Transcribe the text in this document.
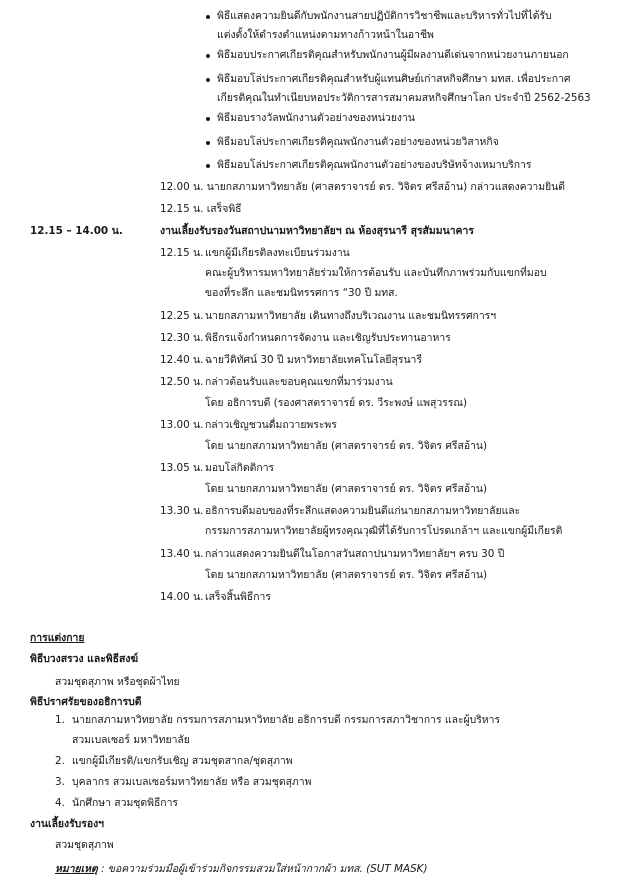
พิธีแสดงความยินดีกับพนักงานสายปฏิบัติการวิชาชีพและบริหารทั่วไปที่ได้รับ
แต่งตั้งให้ดำรงตำแหน่งตามทางก้าวหน้าในอาชีพ
พิธีมอบประกาศเกียรติคุณสำหรับพนักงานผู้มีผลงานดีเด่นจากหน่วยงานภายนอก
พิธีมอบโล่ประกาศเกียรติคุณสำหรับผู้แทนศิษย์เก่าสหกิจศึกษา มทส. เพื่อประกาศ
เกียรติคุณในทำเนียบหอประวัติการสารสมาคมสหกิจศึกษาโลก ประจำปี 2562-2563
พิธีมอบรางวัลพนักงานตัวอย่างของหน่วยงาน
พิธีมอบโล่ประกาศเกียรติคุณพนักงานตัวอย่างของหน่วยวิสาหกิจ
พิธีมอบโล่ประกาศเกียรติคุณพนักงานตัวอย่างของบริษัทจ้างเหมาบริการ
12.00 น. นายกสภามหาวิทยาลัย (ศาสตราจารย์ ดร. วิจิตร ศรีสอ้าน) กล่าวแสดงความยินดี
12.15 น. เสร็จพิธี
12.15 – 14.00 น.	งานเลี้ยงรับรองวันสถาปนามหาวิทยาลัยฯ ณ ห้องสุรนารี สุรสัมมนาคาร
12.15 น. แขกผู้มีเกียรติลงทะเบียนร่วมงาน
คณะผู้บริหารมหาวิทยาลัยร่วมให้การต้อนรับ และบันทึกภาพร่วมกับแขกที่มอบ
ของที่ระลึก และชมนิทรรศการ “30 ปี มทส.
12.25 น. นายกสภามหาวิทยาลัย เดินทางถึงบริเวณงาน และชมนิทรรศการฯ
12.30 น. พิธีกรแจ้งกำหนดการจัดงาน และเชิญรับประทานอาหาร
12.40 น. ฉายวีดิทัศน์ 30 ปี มหาวิทยาลัยเทคโนโลยีสุรนารี
12.50 น. กล่าวต้อนรับและขอบคุณแขกที่มาร่วมงาน
โดย อธิการบดี (รองศาสตราจารย์ ดร. วีระพงษ์ แพสุวรรณ)
13.00 น. กล่าวเชิญชวนดื่มถวายพระพร
โดย นายกสภามหาวิทยาลัย (ศาสตราจารย์ ดร. วิจิตร ศรีสอ้าน)
13.05 น. มอบโล่กิตติการ
โดย นายกสภามหาวิทยาลัย (ศาสตราจารย์ ดร. วิจิตร ศรีสอ้าน)
13.30 น. อธิการบดีมอบของที่ระลึกแสดงความยินดีแก่นายกสภามหาวิทยาลัยและ
กรรมการสภามหาวิทยาลัยผู้ทรงคุณวุฒิที่ได้รับการโปรดเกล้าฯ และแขกผู้มีเกียรติ
13.40 น. กล่าวแสดงความยินดีในโอกาสวันสถาปนามหาวิทยาลัยฯ ครบ 30 ปี
โดย นายกสภามหาวิทยาลัย (ศาสตราจารย์ ดร. วิจิตร ศรีสอ้าน)
14.00 น. เสร็จสิ้นพิธีการ
การแต่งกาย
พิธีบวงสรวง และพิธีสงฆ์
สวมชุดสุภาพ หรือชุดผ้าไทย
พิธีปราศรัยของอธิการบดี
1. นายกสภามหาวิทยาลัย กรรมการสภามหาวิทยาลัย อธิการบดี กรรมการสภาวิชาการ และผู้บริหาร
สวมเบลเซอร์ มหาวิทยาลัย
2. แขกผู้มีเกียรติ/แขกรับเชิญ สวมชุดสากล/ชุดสุภาพ
3. บุคลากร สวมเบลเซอร์มหาวิทยาลัย หรือ สวมชุดสุภาพ
4. นักศึกษา สวมชุดพิธีการ
งานเลี้ยงรับรองฯ
สวมชุดสุภาพ
หมายเหตุ : ขอความร่วมมือผู้เข้าร่วมกิจกรรมสวมใส่หน้ากากผ้า มทส. (SUT MASK)
